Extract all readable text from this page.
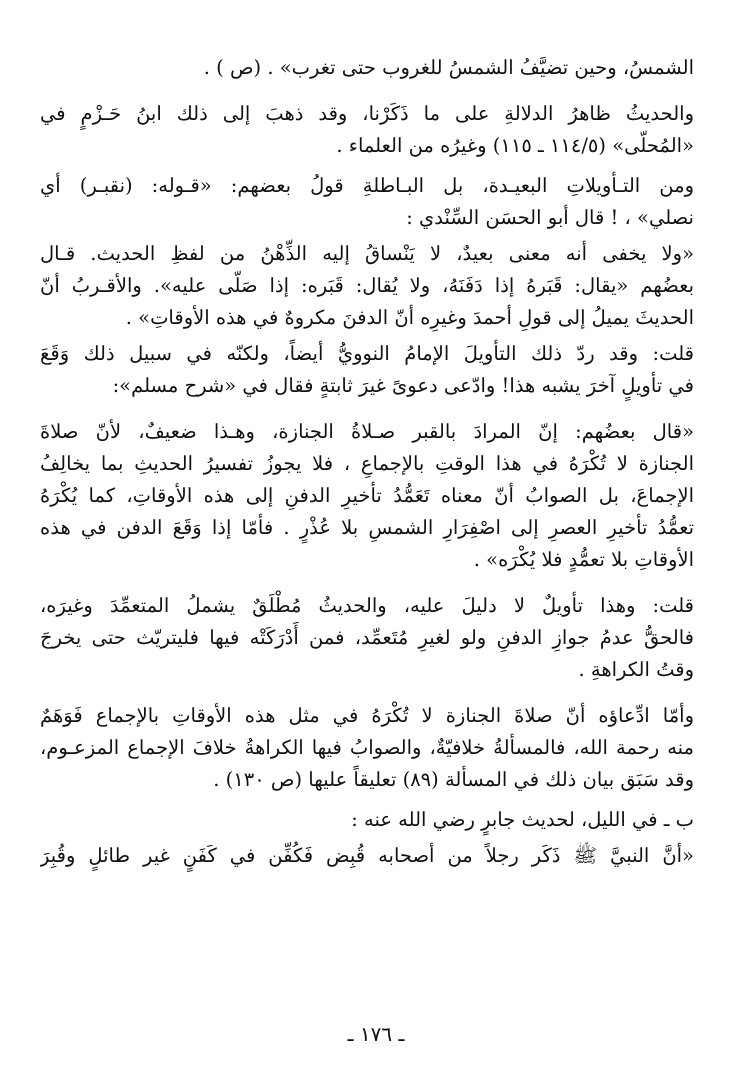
الشمسُ، وحين تضيَّفُ الشمسُ للغروب حتى تغرب» . (ص ) .
والحديثُ ظاهرُ الدلالةِ على ما ذَكَرْنا، وقد ذهبَ إلى ذلك ابنُ حَـزْمٍ في
«المُحلّى» (١١٤/٥ ـ ١١٥) وغيرُه من العلماء .
ومن التـأويلاتِ البعيـدة، بل البـاطلةِ قولُ بعضهم: «قـوله: (نقبـر) أي
نصلي» ، ! قال أبو الحسَن السِّنْدي :
«ولا يخفى أنه معنى بعيدٌ، لا يَنْساقُ إليه الذِّهْنُ من لفظِ الحديث. قـال
بعضُهم «يقال: قَبَرهُ إذا دَفَنَهُ، ولا يُقال: قَبَره: إذا صَلّى عليه». والأقـربُ أنّ
الحديثَ يميلُ إلى قولِ أحمدَ وغيرِه أنّ الدفنَ مكروهٌ في هذه الأوقاتِ» .
قلت: وقد ردّ ذلك التأويلَ الإمامُ النوويُّ أيضاً، ولكنّه في سبيل ذلك وَقَعَ
في تأويلٍ آخرَ يشبه هذا! وادّعى دعوىً غيرَ ثابتةٍ فقال في «شرح مسلم»:
«قال بعضُهم: إنّ المرادَ بالقبر صـلاةُ الجنازة، وهـذا ضعيفٌ، لأنّ صلاةَ
الجنازة لا تُكْرَهُ في هذا الوقتِ بالإجماعِ ، فلا يجوزُ تفسيرُ الحديثِ بما يخالِفُ
الإجماعَ، بل الصوابُ أنّ معناه تَعَمُّدُ تأخيرِ الدفنِ إلى هذه الأوقاتِ، كما يُكْرَهُ
تعمُّدُ تأخيرِ العصرِ إلى اصْفِرَارِ الشمسِ بلا عُذْرٍ . فأمّا إذا وَقَعَ الدفن في هذه
الأوقاتِ بلا تعمُّدٍ فلا يُكْرَه» .
قلت: وهذا تأويلٌ لا دليلَ عليه، والحديثُ مُطْلَقٌ يشملُ المتعمِّدَ وغيرَه،
فالحقُّ عدمُ جوازِ الدفنِ ولو لغيرِ مُتَعمِّد، فمن أَدْرَكَتْه فيها فليتريّث حتى يخرجَ
وقتُ الكراهةِ .
وأمّا ادِّعاؤه أنّ صلاةَ الجنازة لا تُكْرَهُ في مثل هذه الأوقاتِ بالإجماع فَوَهَمٌ
منه رحمة الله، فالمسألةُ خلافيّةٌ، والصوابُ فيها الكراهةُ خلافَ الإجماع المزعـوم،
وقد سَبَق بيان ذلك في المسألة (٨٩) تعليقاً عليها (ص ١٣٠) .
ب ـ في الليل، لحديث جابرٍ رضي الله عنه :
«أنَّ النبيَّ ﷺ ذَكَر رجلاً من أصحابه قُبِض فَكُفِّن في كَفَنٍ غير طائلٍ وقُبِرَ
ـ ١٧٦ ـ
